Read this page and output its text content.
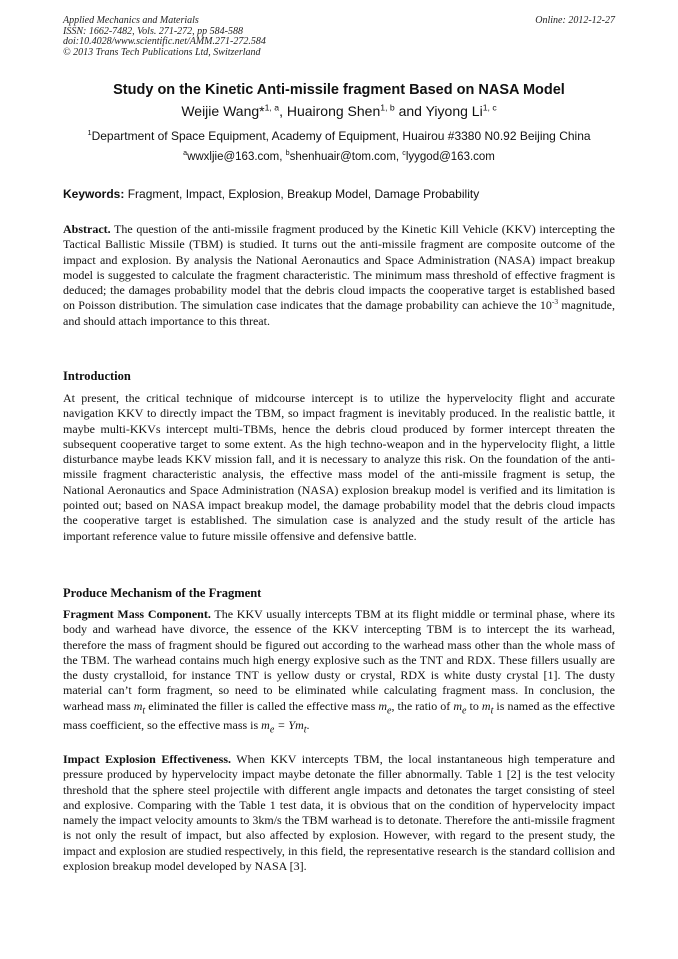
Applied Mechanics and Materials
ISSN: 1662-7482, Vols. 271-272, pp 584-588
doi:10.4028/www.scientific.net/AMM.271-272.584
© 2013 Trans Tech Publications Ltd, Switzerland
Online: 2012-12-27
Study on the Kinetic Anti-missile fragment Based on NASA Model
Weijie Wang*$^{1, a}$, Huairong Shen$^{1, b}$ and Yiyong Li$^{1, c}$
$^1$Department of Space Equipment, Academy of Equipment, Huairou #3380 N0.92 Beijing China
$^a$wwxljie@163.com, $^b$shenhuair@tom.com, $^c$lyygod@163.com
Keywords: Fragment, Impact, Explosion, Breakup Model, Damage Probability
Abstract. The question of the anti-missile fragment produced by the Kinetic Kill Vehicle (KKV) intercepting the Tactical Ballistic Missile (TBM) is studied. It turns out the anti-missile fragment are composite outcome of the impact and explosion. By analysis the National Aeronautics and Space Administration (NASA) impact breakup model is suggested to calculate the fragment characteristic. The minimum mass threshold of effective fragment is deduced; the damages probability model that the debris cloud impacts the cooperative target is established based on Poisson distribution. The simulation case indicates that the damage probability can achieve the $10^{-3}$ magnitude, and should attach importance to this threat.
Introduction
At present, the critical technique of midcourse intercept is to utilize the hypervelocity flight and accurate navigation KKV to directly impact the TBM, so impact fragment is inevitably produced. In the realistic battle, it maybe multi-KKVs intercept multi-TBMs, hence the debris cloud produced by former intercept threaten the subsequent cooperative target to some extent. As the high techno-weapon and in the hypervelocity flight, a little disturbance maybe leads KKV mission fall, and it is necessary to analyze this risk. On the foundation of the anti-missile fragment characteristic analysis, the effective mass model of the anti-missile fragment is setup, the National Aeronautics and Space Administration (NASA) explosion breakup model is verified and its limitation is pointed out; based on NASA impact breakup model, the damage probability model that the debris cloud impacts the cooperative target is established. The simulation case is analyzed and the study result of the article has important reference value to future missile offensive and defensive battle.
Produce Mechanism of the Fragment
Fragment Mass Component. The KKV usually intercepts TBM at its flight middle or terminal phase, where its body and warhead have divorce, the essence of the KKV intercepting TBM is to intercept the its warhead, therefore the mass of fragment should be figured out according to the warhead mass other than the whole mass of the TBM. The warhead contains much high energy explosive such as the TNT and RDX. These fillers usually are the dusty crystalloid, for instance TNT is yellow dusty or crystal, RDX is white dusty crystal [1]. The dusty material can’t form fragment, so need to be eliminated while calculating fragment mass. In conclusion, the warhead mass $m_t$ eliminated the filler is called the effective mass $m_e$, the ratio of $m_e$ to $m_t$ is named as the effective mass coefficient, so the effective mass is $m_e = Ym_t$.
Impact Explosion Effectiveness. When KKV intercepts TBM, the local instantaneous high temperature and pressure produced by hypervelocity impact maybe detonate the filler abnormally. Table 1 [2] is the test velocity threshold that the sphere steel projectile with different angle impacts and detonates the target consisting of steel and explosive. Comparing with the Table 1 test data, it is obvious that on the condition of hypervelocity impact namely the impact velocity amounts to 3km/s the TBM warhead is to detonate. Therefore the anti-missile fragment is not only the result of impact, but also affected by explosion. However, with regard to the present study, the impact and explosion are studied respectively, in this field, the representative research is the standard collision and explosion breakup model developed by NASA [3].
